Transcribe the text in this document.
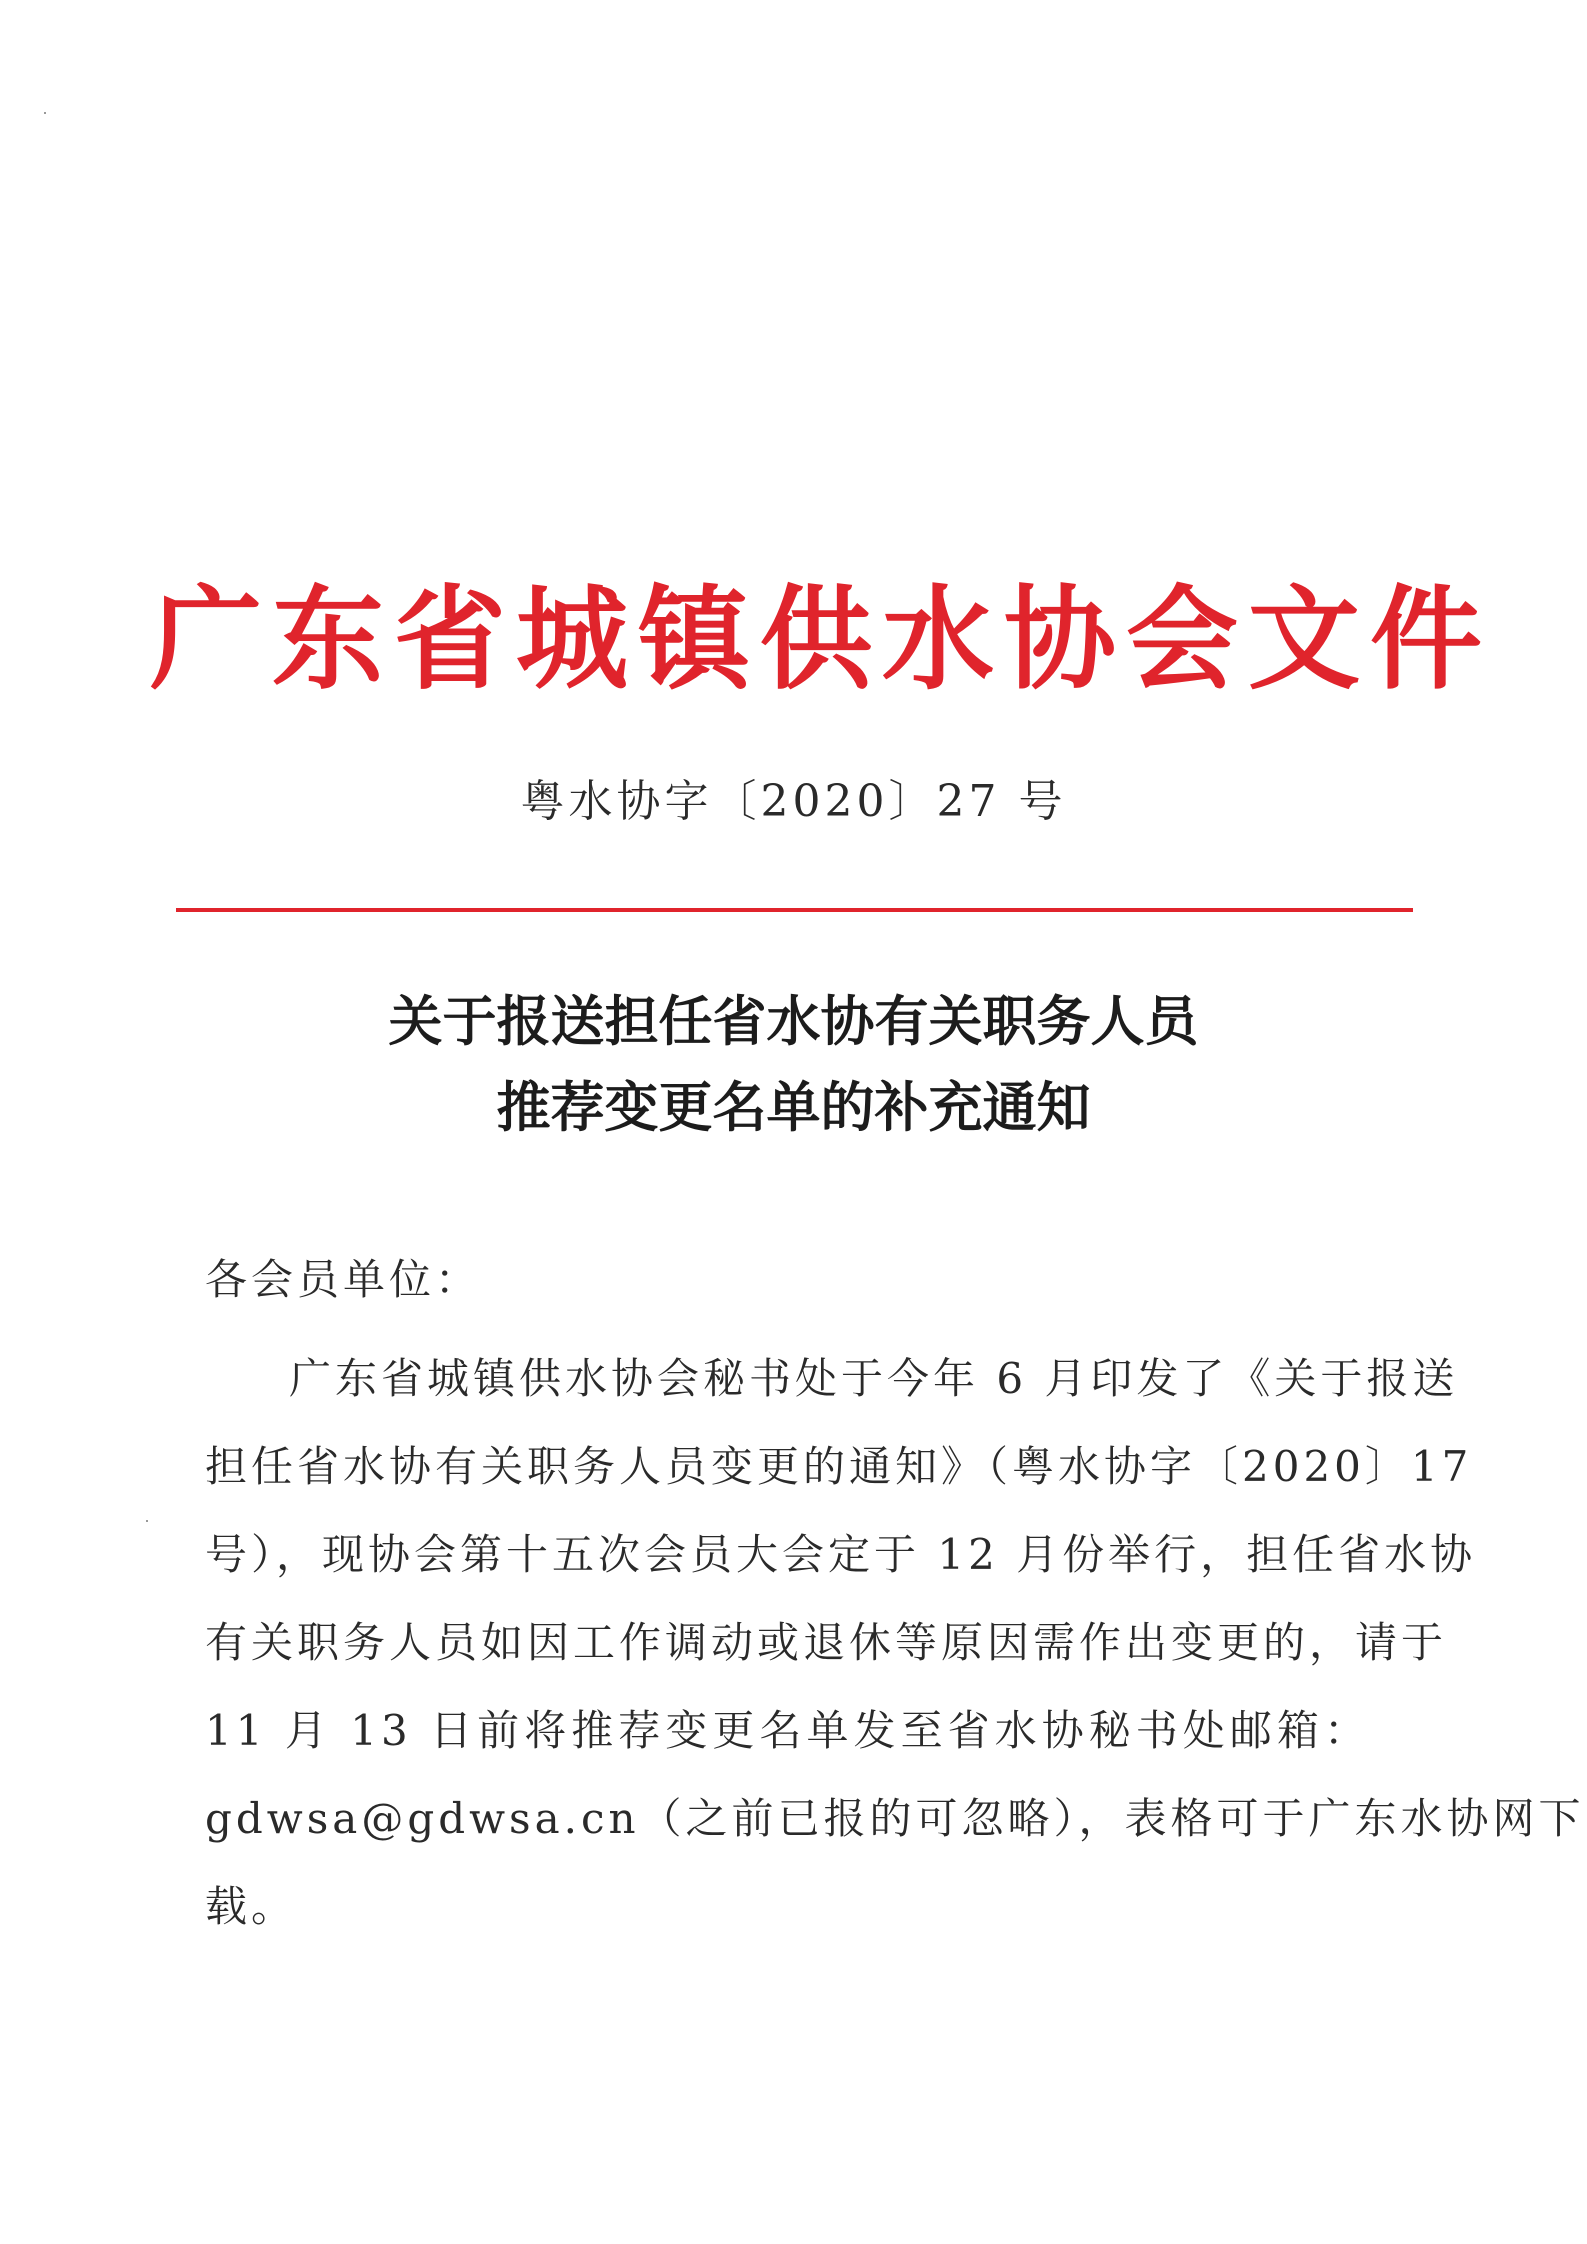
广东省城镇供水协会文件
粤水协字〔2020〕27 号
关于报送担任省水协有关职务人员
推荐变更名单的补充通知
各会员单位：
广东省城镇供水协会秘书处于今年 6 月印发了《关于报送
担任省水协有关职务人员变更的通知》（粤水协字〔2020〕17
号），现协会第十五次会员大会定于 12 月份举行，担任省水协
有关职务人员如因工作调动或退休等原因需作出变更的，请于
11 月 13 日前将推荐变更名单发至省水协秘书处邮箱：
gdwsa@gdwsa.cn（之前已报的可忽略），表格可于广东水协网下
载。
